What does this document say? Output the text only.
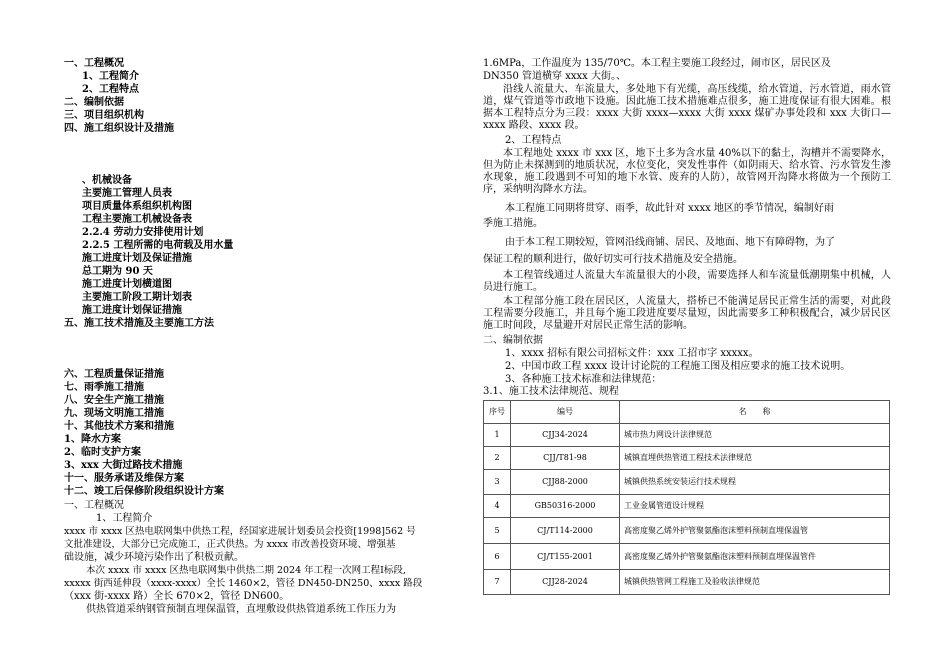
一、工程概况
1、工程简介
2、工程特点
二、编制依据
三、项目组织机构
四、施工组织设计及措施
、机械设备
主要施工管理人员表
项目质量体系组织机构图
工程主要施工机械设备表
2.2.4 劳动力安排使用计划
2.2.5 工程所需的电荷载及用水量
施工进度计划及保证措施
总工期为 90 天
施工进度计划横道图
主要施工阶段工期计划表
施工进度计划保证措施
五、施工技术措施及主要施工方法
六、工程质量保证措施
七、雨季施工措施
八、安全生产施工措施
九、现场文明施工措施
十、其他技术方案和措施
1、降水方案
2、临时支护方案
3、xxx 大街过路技术措施
十一、服务承诺及维保方案
十二、竣工后保修阶段组织设计方案
一、工程概况
1、工程简介
xxxx 市 xxxx 区热电联网集中供热工程，经国家进展计划委员会投资[1998]562 号
文批准建设，大部分已完成施工，正式供热。为 xxxx 市改善投资环境、增强基
础设施，减少环境污染作出了积极贡献。
本次 xxxx 市 xxxx 区热电联网集中供热二期 2024 年工程一次网工程Ⅰ标段,
xxxxx 街西延伸段（xxxx-xxxx）全长 1460×2，管径 DN450-DN250、xxxx 路段
（xxx 街-xxxx 路）全长 670×2，管径 DN600。
供热管道采纳钢管预制直埋保温管，直埋敷设供热管道系统工作压力为
1.6MPa，工作温度为 135/70℃。本工程主要施工段经过，闹市区，居民区及
DN350 管道横穿 xxxx 大街。、
沿线人流量大、车流量大，多处地下有光缆，高压线缆，给水管道，污水管道，雨水管道，煤气管道等市政地下设施。因此施工技术措施难点很多，施工进度保证有很大困难。根据本工程特点分为三段：xxxx 大街 xxxx—xxxx 大街 xxxx 煤矿办事处段和 xxx 大街口—xxxx 路段、xxxx 段。
2、工程特点
本工程地处 xxxx 市 xxx 区，地下土多为含水量 40%以下的黏土，沟槽并不需要降水，但为防止未探测到的地质状况，水位变化，突发性事件（如阴雨天、给水管、污水管发生渗水现象，施工段遇到不可知的地下水管、废弃的人防），故管网开沟降水将做为一个预防工序，采纳明沟降水方法。
本工程施工同期将贯穿、雨季，故此针对 xxxx 地区的季节情况，编制好雨
季施工措施。
由于本工程工期较短，管网沿线商铺、居民、及地面、地下有障碍物，为了
保证工程的顺利进行，做好切实可行技术措施及安全措施。
本工程管线通过人流量大车流量很大的小段，需要选择人和车流量低潮期集中机械，人员进行施工。
本工程部分施工段在居民区，人流量大，搭桥已不能满足居民正常生活的需要，对此段工程需要分段施工，并且每个施工段进度要尽量短，因此需要多工种积极配合，减少居民区施工时间段，尽量避开对居民正常生活的影响。
二、编制依据
1、xxxx 招标有限公司招标文件：xxx 工招市字 xxxxx。
2、中国市政工程 xxxx 设计讨论院的工程施工图及相应要求的施工技术说明。
3、各种施工技术标准和法律规范：
3.1、施工技术法律规范、规程
序号	编号	名　　称
1	CJJ34-2024	城市热力网设计法律规范
2	CJJ/T81-98	城镇直埋供热管道工程技术法律规范
3	CJJ88-2000	城镇供热系统安装运行技术规程
4	GB50316-2000	工业金属管道设计规程
5	CJ/T114-2000	高密度聚乙烯外护管聚氨酯泡沫塑料预制直埋保温管
6	CJ/T155-2001	高密度聚乙烯外护管聚氨酯泡沫塑料预制直埋保温管件
7	CJJ28-2024	城镇供热管网工程施工及验收法律规范
